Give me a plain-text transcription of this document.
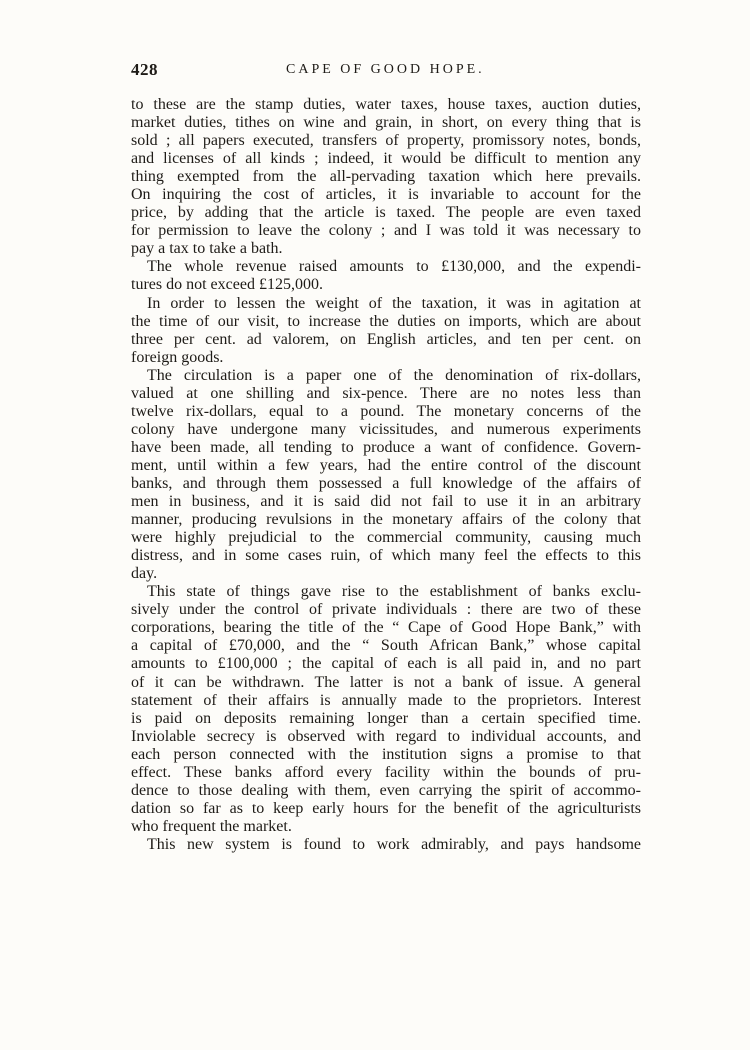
428	CAPE OF GOOD HOPE.
to these are the stamp duties, water taxes, house taxes, auction duties,
market duties, tithes on wine and grain, in short, on every thing that is
sold ; all papers executed, transfers of property, promissory notes, bonds,
and licenses of all kinds ; indeed, it would be difficult to mention any
thing exempted from the all-pervading taxation which here prevails.
On inquiring the cost of articles, it is invariable to account for the
price, by adding that the article is taxed. The people are even taxed
for permission to leave the colony ; and I was told it was necessary to
pay a tax to take a bath.
The whole revenue raised amounts to £130,000, and the expendi-
tures do not exceed £125,000.
In order to lessen the weight of the taxation, it was in agitation at
the time of our visit, to increase the duties on imports, which are about
three per cent. ad valorem, on English articles, and ten per cent. on
foreign goods.
The circulation is a paper one of the denomination of rix-dollars,
valued at one shilling and six-pence. There are no notes less than
twelve rix-dollars, equal to a pound. The monetary concerns of the
colony have undergone many vicissitudes, and numerous experiments
have been made, all tending to produce a want of confidence. Govern-
ment, until within a few years, had the entire control of the discount
banks, and through them possessed a full knowledge of the affairs of
men in business, and it is said did not fail to use it in an arbitrary
manner, producing revulsions in the monetary affairs of the colony that
were highly prejudicial to the commercial community, causing much
distress, and in some cases ruin, of which many feel the effects to this
day.
This state of things gave rise to the establishment of banks exclu-
sively under the control of private individuals : there are two of these
corporations, bearing the title of the “ Cape of Good Hope Bank,” with
a capital of £70,000, and the “ South African Bank,” whose capital
amounts to £100,000 ; the capital of each is all paid in, and no part
of it can be withdrawn. The latter is not a bank of issue. A general
statement of their affairs is annually made to the proprietors. Interest
is paid on deposits remaining longer than a certain specified time.
Inviolable secrecy is observed with regard to individual accounts, and
each person connected with the institution signs a promise to that
effect. These banks afford every facility within the bounds of pru-
dence to those dealing with them, even carrying the spirit of accommo-
dation so far as to keep early hours for the benefit of the agriculturists
who frequent the market.
This new system is found to work admirably, and pays handsome
